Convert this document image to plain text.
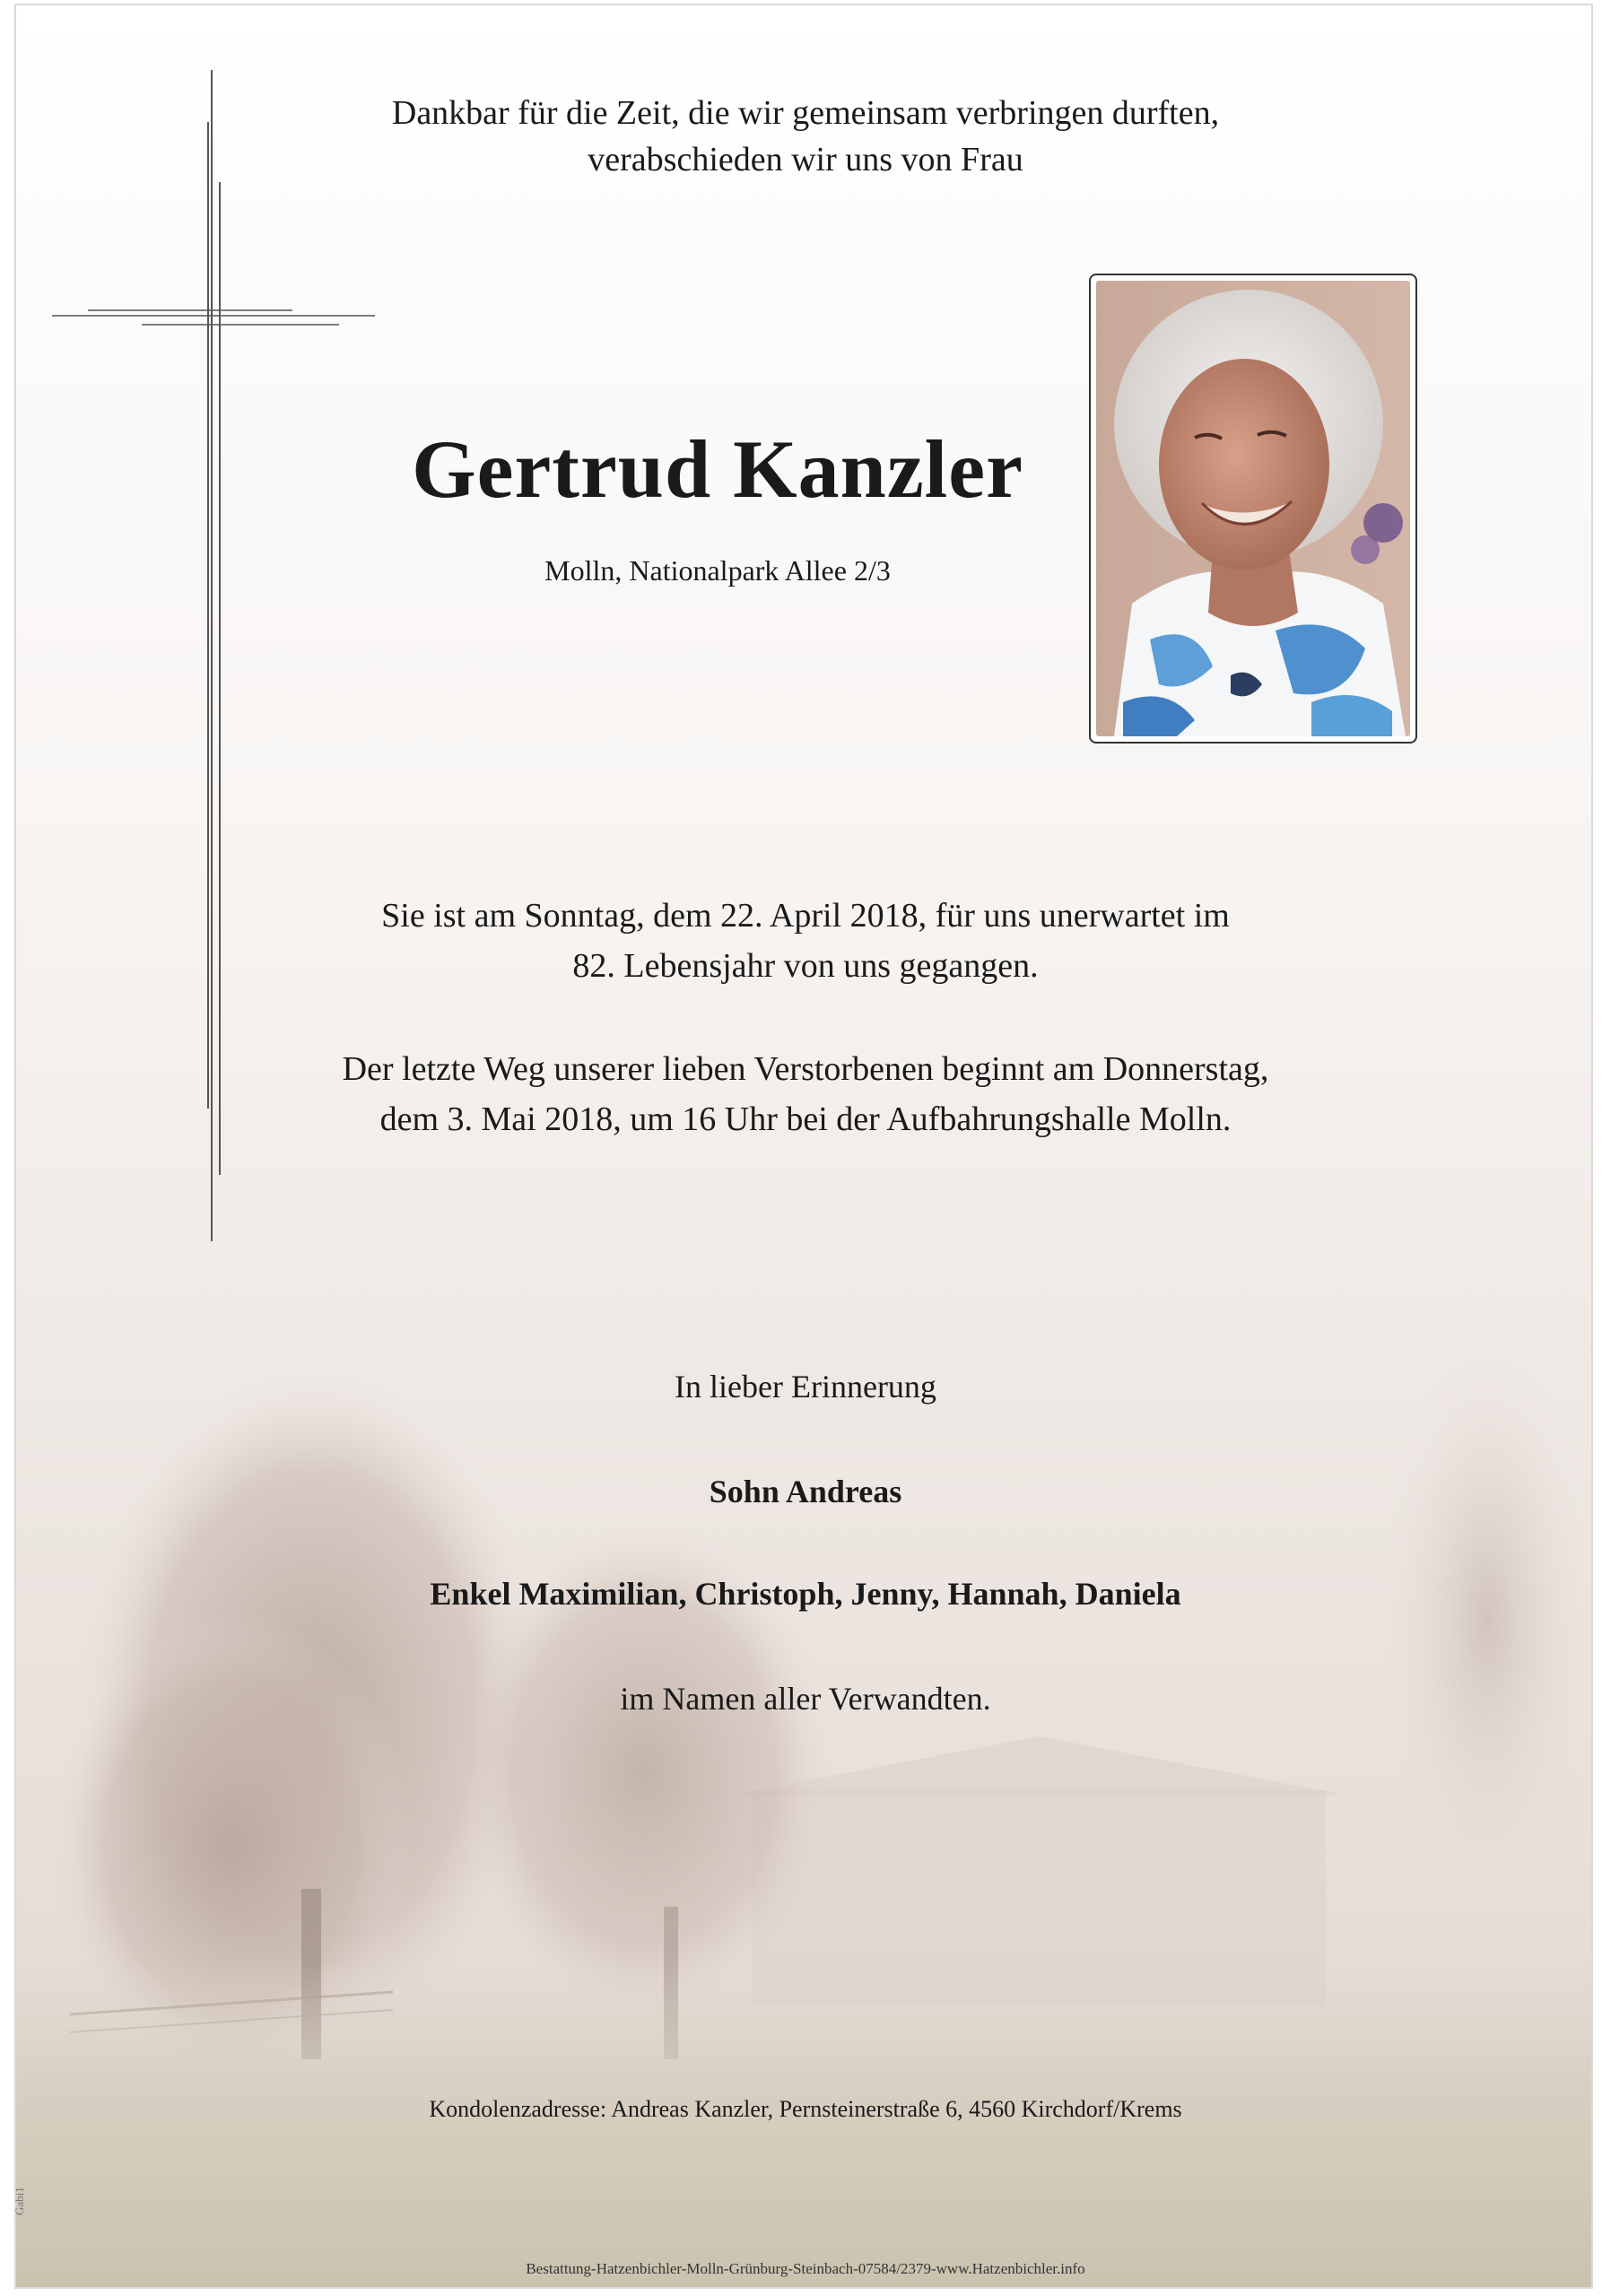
Dankbar für die Zeit, die wir gemeinsam verbringen durften,
verabschieden wir uns von Frau
Gertrud Kanzler
Molln, Nationalpark Allee 2/3
Sie ist am Sonntag, dem 22. April 2018, für uns unerwartet im
82. Lebensjahr von uns gegangen.
Der letzte Weg unserer lieben Verstorbenen beginnt am Donnerstag,
dem 3. Mai 2018, um 16 Uhr bei der Aufbahrungshalle Molln.
In lieber Erinnerung
Sohn Andreas
Enkel Maximilian, Christoph, Jenny, Hannah, Daniela
im Namen aller Verwandten.
Kondolenzadresse: Andreas Kanzler, Pernsteinerstraße 6, 4560 Kirchdorf/Krems
Bestattung-Hatzenbichler-Molln-Grünburg-Steinbach-07584/2379-www.Hatzenbichler.info
Gabi1
